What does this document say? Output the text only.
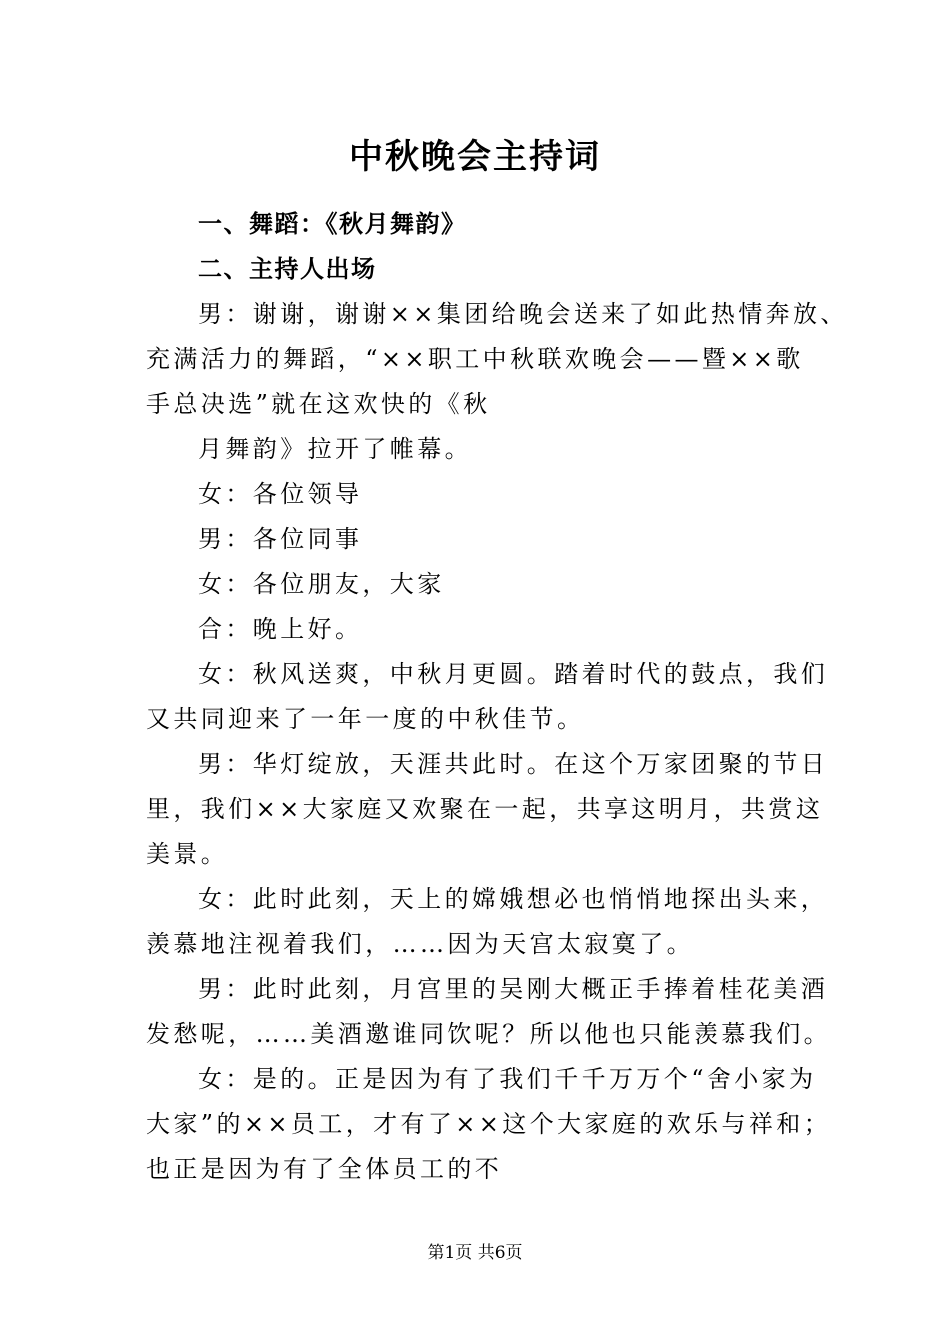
中秋晚会主持词
一、舞蹈：《秋月舞韵》
二、主持人出场
男：谢谢，谢谢××集团给晚会送来了如此热情奔放、
充满活力的舞蹈，“××职工中秋联欢晚会——暨××歌
手总决选”就在这欢快的《秋
月舞韵》拉开了帷幕。
女：各位领导
男：各位同事
女：各位朋友，大家
合：晚上好。
女：秋风送爽，中秋月更圆。踏着时代的鼓点，我们
又共同迎来了一年一度的中秋佳节。
男：华灯绽放，天涯共此时。在这个万家团聚的节日
里，我们××大家庭又欢聚在一起，共享这明月，共赏这
美景。
女：此时此刻，天上的嫦娥想必也悄悄地探出头来，
羡慕地注视着我们，……因为天宫太寂寞了。
男：此时此刻，月宫里的吴刚大概正手捧着桂花美酒
发愁呢，……美酒邀谁同饮呢？所以他也只能羡慕我们。
女：是的。正是因为有了我们千千万万个“舍小家为
大家”的××员工，才有了××这个大家庭的欢乐与祥和；
也正是因为有了全体员工的不
第1页 共6页
